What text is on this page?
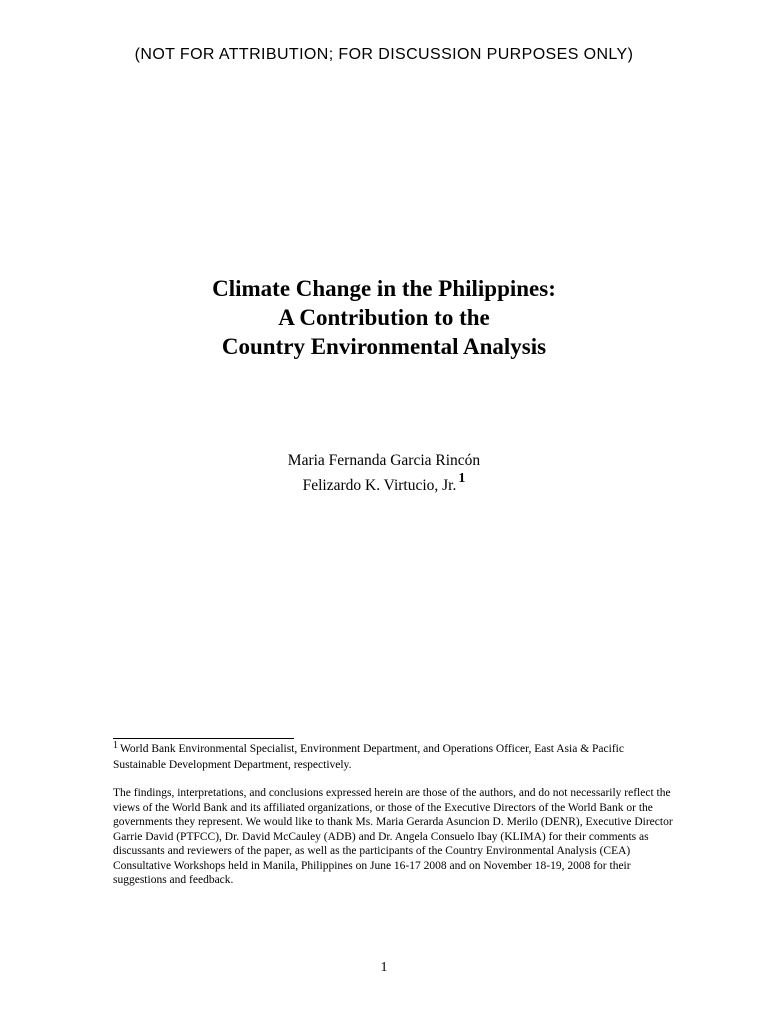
(NOT FOR ATTRIBUTION; FOR DISCUSSION PURPOSES ONLY)
Climate Change in the Philippines:
A Contribution to the
Country Environmental Analysis
Maria Fernanda Garcia Rincón
Felizardo K. Virtucio, Jr. 1

1 World Bank Environmental Specialist, Environment Department, and Operations Officer, East Asia & Pacific Sustainable Development Department, respectively.

The findings, interpretations, and conclusions expressed herein are those of the authors, and do not necessarily reflect the views of the World Bank and its affiliated organizations, or those of the Executive Directors of the World Bank or the governments they represent. We would like to thank Ms. Maria Gerarda Asuncion D. Merilo (DENR), Executive Director Garrie David (PTFCC), Dr. David McCauley (ADB) and Dr. Angela Consuelo Ibay (KLIMA) for their comments as discussants and reviewers of the paper, as well as the participants of the Country Environmental Analysis (CEA) Consultative Workshops held in Manila, Philippines on June 16-17 2008 and on November 18-19, 2008 for their suggestions and feedback.

1
